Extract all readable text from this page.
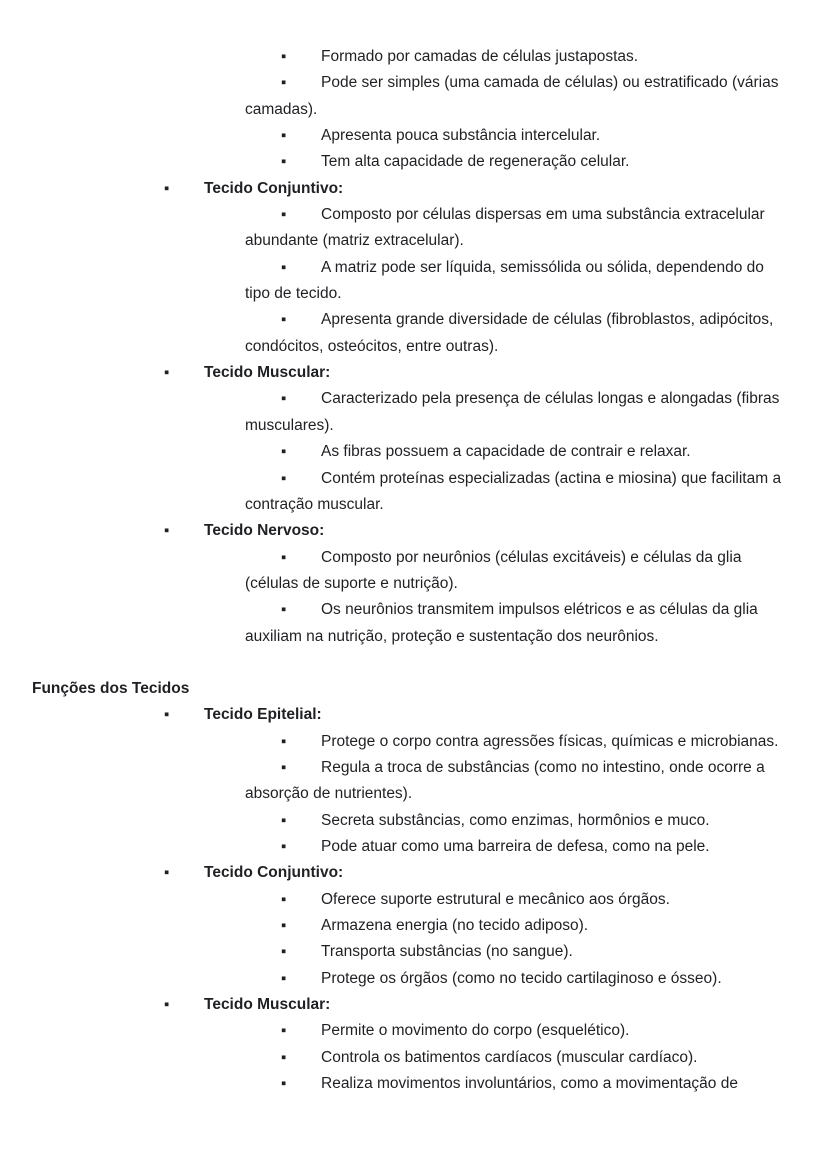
▪	Formado por camadas de células justapostas.
▪	Pode ser simples (uma camada de células) ou estratificado (várias camadas).
▪	Apresenta pouca substância intercelular.
▪	Tem alta capacidade de regeneração celular.
▪ Tecido Conjuntivo:
▪	Composto por células dispersas em uma substância extracelular abundante (matriz extracelular).
▪	A matriz pode ser líquida, semissólida ou sólida, dependendo do tipo de tecido.
▪	Apresenta grande diversidade de células (fibroblastos, adipócitos, condócitos, osteócitos, entre outras).
▪ Tecido Muscular:
▪	Caracterizado pela presença de células longas e alongadas (fibras musculares).
▪	As fibras possuem a capacidade de contrair e relaxar.
▪	Contém proteínas especializadas (actina e miosina) que facilitam a contração muscular.
▪ Tecido Nervoso:
▪	Composto por neurônios (células excitáveis) e células da glia (células de suporte e nutrição).
▪	Os neurônios transmitem impulsos elétricos e as células da glia auxiliam na nutrição, proteção e sustentação dos neurônios.
Funções dos Tecidos
▪ Tecido Epitelial:
▪	Protege o corpo contra agressões físicas, químicas e microbianas.
▪	Regula a troca de substâncias (como no intestino, onde ocorre a absorção de nutrientes).
▪	Secreta substâncias, como enzimas, hormônios e muco.
▪	Pode atuar como uma barreira de defesa, como na pele.
▪ Tecido Conjuntivo:
▪	Oferece suporte estrutural e mecânico aos órgãos.
▪	Armazena energia (no tecido adiposo).
▪	Transporta substâncias (no sangue).
▪	Protege os órgãos (como no tecido cartilaginoso e ósseo).
▪ Tecido Muscular:
▪	Permite o movimento do corpo (esquelético).
▪	Controla os batimentos cardíacos (muscular cardíaco).
▪	Realiza movimentos involuntários, como a movimentação de
